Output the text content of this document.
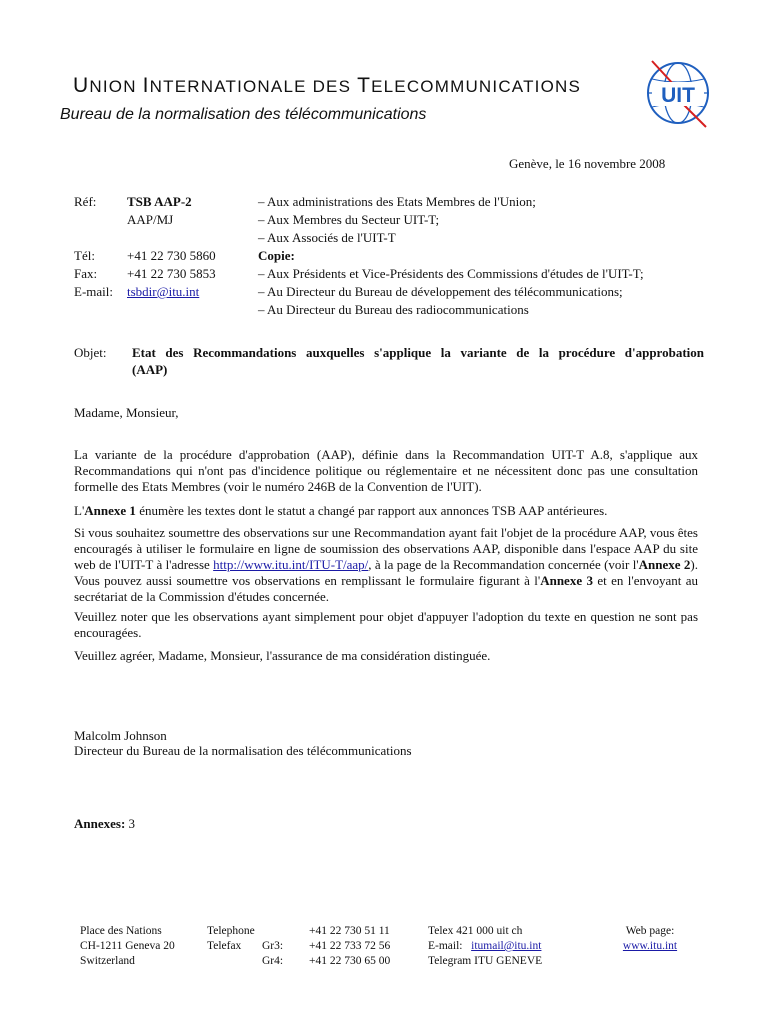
UNION INTERNATIONALE DES TELECOMMUNICATIONS
Bureau de la normalisation des télécommunications
UIT
Genève, le 16 novembre 2008
Réf: TSB AAP-2
AAP/MJ
Tél: +41 22 730 5860
Fax: +41 22 730 5853
E-mail: tsbdir@itu.int
– Aux administrations des Etats Membres de l'Union;
– Aux Membres du Secteur UIT-T;
– Aux Associés de l'UIT-T
Copie:
– Aux Présidents et Vice-Présidents des Commissions d'études de l'UIT-T;
– Au Directeur du Bureau de développement des télécommunications;
– Au Directeur du Bureau des radiocommunications
Objet: Etat des Recommandations auxquelles s'applique la variante de la procédure d'approbation
(AAP)
Madame, Monsieur,
La variante de la procédure d'approbation (AAP), définie dans la Recommandation UIT-T A.8, s'applique aux Recommandations qui n'ont pas d'incidence politique ou réglementaire et ne nécessitent donc pas une consultation formelle des Etats Membres (voir le numéro 246B de la Convention de l'UIT).
L'Annexe 1 énumère les textes dont le statut a changé par rapport aux annonces TSB AAP antérieures.
Si vous souhaitez soumettre des observations sur une Recommandation ayant fait l'objet de la procédure AAP, vous êtes encouragés à utiliser le formulaire en ligne de soumission des observations AAP, disponible dans l'espace AAP du site web de l'UIT-T à l'adresse http://www.itu.int/ITU-T/aap/, à la page de la Recommandation concernée (voir l'Annexe 2). Vous pouvez aussi soumettre vos observations en remplissant le formulaire figurant à l'Annexe 3 et en l'envoyant au secrétariat de la Commission d'études concernée.
Veuillez noter que les observations ayant simplement pour objet d'appuyer l'adoption du texte en question ne sont pas encouragées.
Veuillez agréer, Madame, Monsieur, l'assurance de ma considération distinguée.
Malcolm Johnson
Directeur du Bureau de la normalisation des télécommunications
Annexes: 3
Place des Nations
CH-1211 Geneva 20
Switzerland
Telephone
Telefax

	Gr3:
Gr4:
+41 22 730 51 11
+41 22 733 72 56
+41 22 730 65 00
Telex 421 000 uit ch
E-mail: itumail@itu.int
Telegram ITU GENEVE
Web page:
www.itu.int
